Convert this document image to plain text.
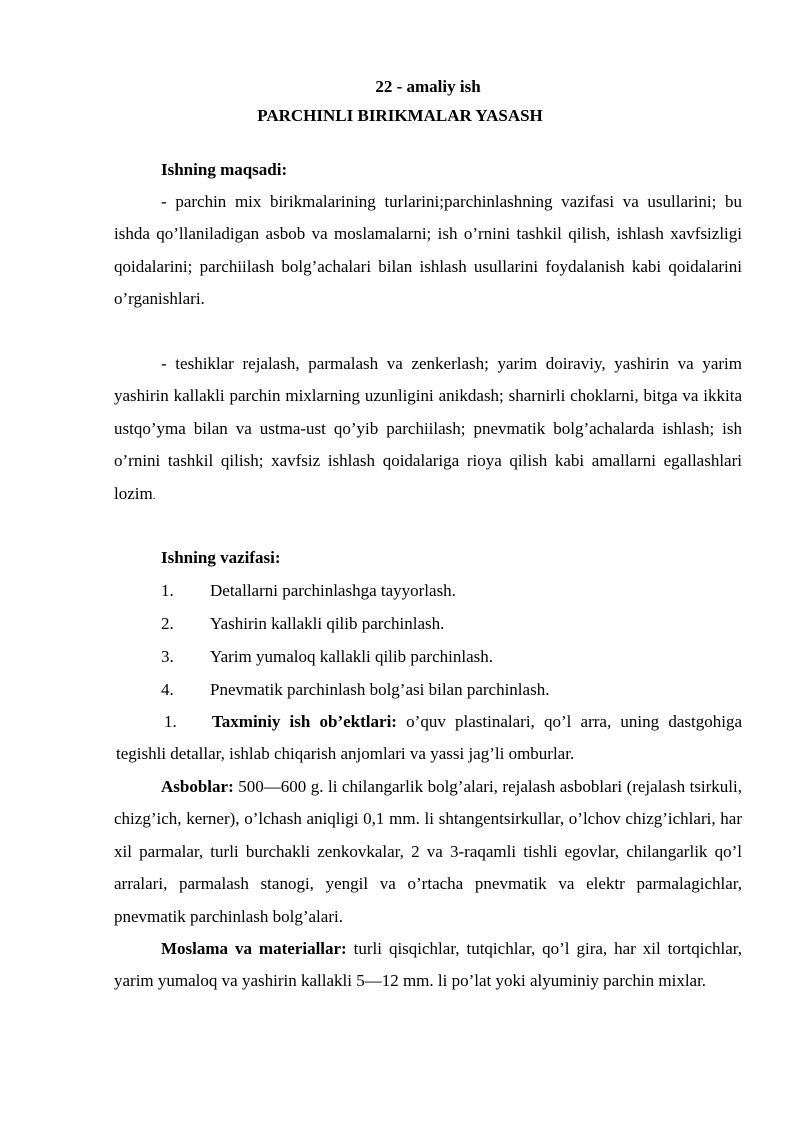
22 - amaliy ish
PARCHINLI BIRIKMALAR YASASH
Ishning maqsadi:

- parchin mix birikmalarining turlarini;parchinlashning vazifasi va usullarini; bu ishda qo’llaniladigan asbob va moslamalarni; ish o’rnini tashkil qilish, ishlash xavfsizligi qoidalarini; parchiilash bolg’achalari bilan ishlash usullarini foydalanish kabi qoidalarini o’rganishlari.

- teshiklar rejalash, parmalash va zenkerlash; yarim doiraviy, yashirin va yarim yashirin kallakli parchin mixlarning uzunligini anikdash; sharnirli choklarni, bitga va ikkita ustqo’yma bilan va ustma-ust qo’yib parchiilash; pnevmatik bolg’achalarda ishlash; ish o’rnini tashkil qilish; xavfsiz ishlash qoidalariga rioya qilish kabi amallarni egallashlari lozim.

Ishning vazifasi:
1. Detallarni parchinlashga tayyorlash.
2. Yashirin kallakli qilib parchinlash.
3. Yarim yumaloq kallakli qilib parchinlash.
4. Pnevmatik parchinlash bolg’asi bilan parchinlash.

1. Taxminiy ish ob’ektlari: o’quv plastinalari, qo’l arra, uning dastgohiga tegishli detallar, ishlab chiqarish anjomlari va yassi jag’li omburlar.

Asboblar: 500—600 g. li chilangarlik bolg’alari, rejalash asboblari (rejalash tsirkuli, chizg’ich, kerner), o’lchash aniqligi 0,1 mm. li shtangentsirkullar, o’lchov chizg’ichlari, har xil parmalar, turli burchakli zenkovkalar, 2 va 3-raqamli tishli egovlar, chilangarlik qo’l arralari, parmalash stanogi, yengil va o’rtacha pnevmatik va elektr parmalagichlar, pnevmatik parchinlash bolg’alari.

Moslama va materiallar: turli qisqichlar, tutqichlar, qo’l gira, har xil tortqichlar, yarim yumaloq va yashirin kallakli 5—12 mm. li po’lat yoki alyuminiy parchin mixlar.
